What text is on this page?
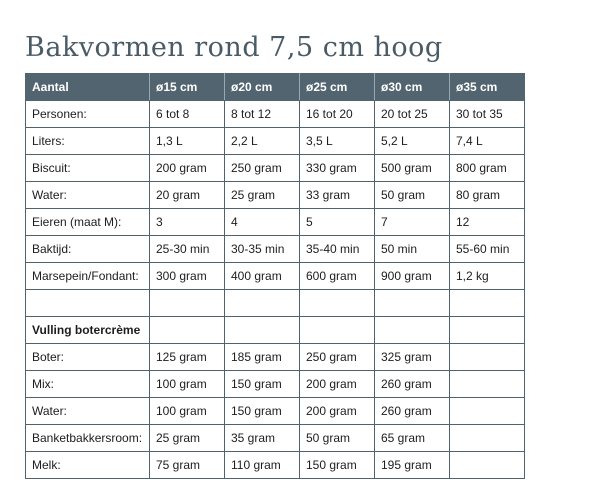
Bakvormen rond 7,5 cm hoog
Aantal	ø15 cm	ø20 cm	ø25 cm	ø30 cm	ø35 cm
Personen:	6 tot 8	8 tot 12	16 tot 20	20 tot 25	30 tot 35
Liters:	1,3 L	2,2 L	3,5 L	5,2 L	7,4 L
Biscuit:	200 gram	250 gram	330 gram	500 gram	800 gram
Water:	20 gram	25 gram	33 gram	50 gram	80 gram
Eieren (maat M):	3	4	5	7	12
Baktijd:	25-30 min	30-35 min	35-40 min	50 min	55-60 min
Marsepein/Fondant:	300 gram	400 gram	600 gram	900 gram	1,2 kg

Vulling botercrème					
Boter:	125 gram	185 gram	250 gram	325 gram	
Mix:	100 gram	150 gram	200 gram	260 gram	
Water:	100 gram	150 gram	200 gram	260 gram	
Banketbakkersroom:	25 gram	35 gram	50 gram	65 gram	
Melk:	75 gram	110 gram	150 gram	195 gram	
